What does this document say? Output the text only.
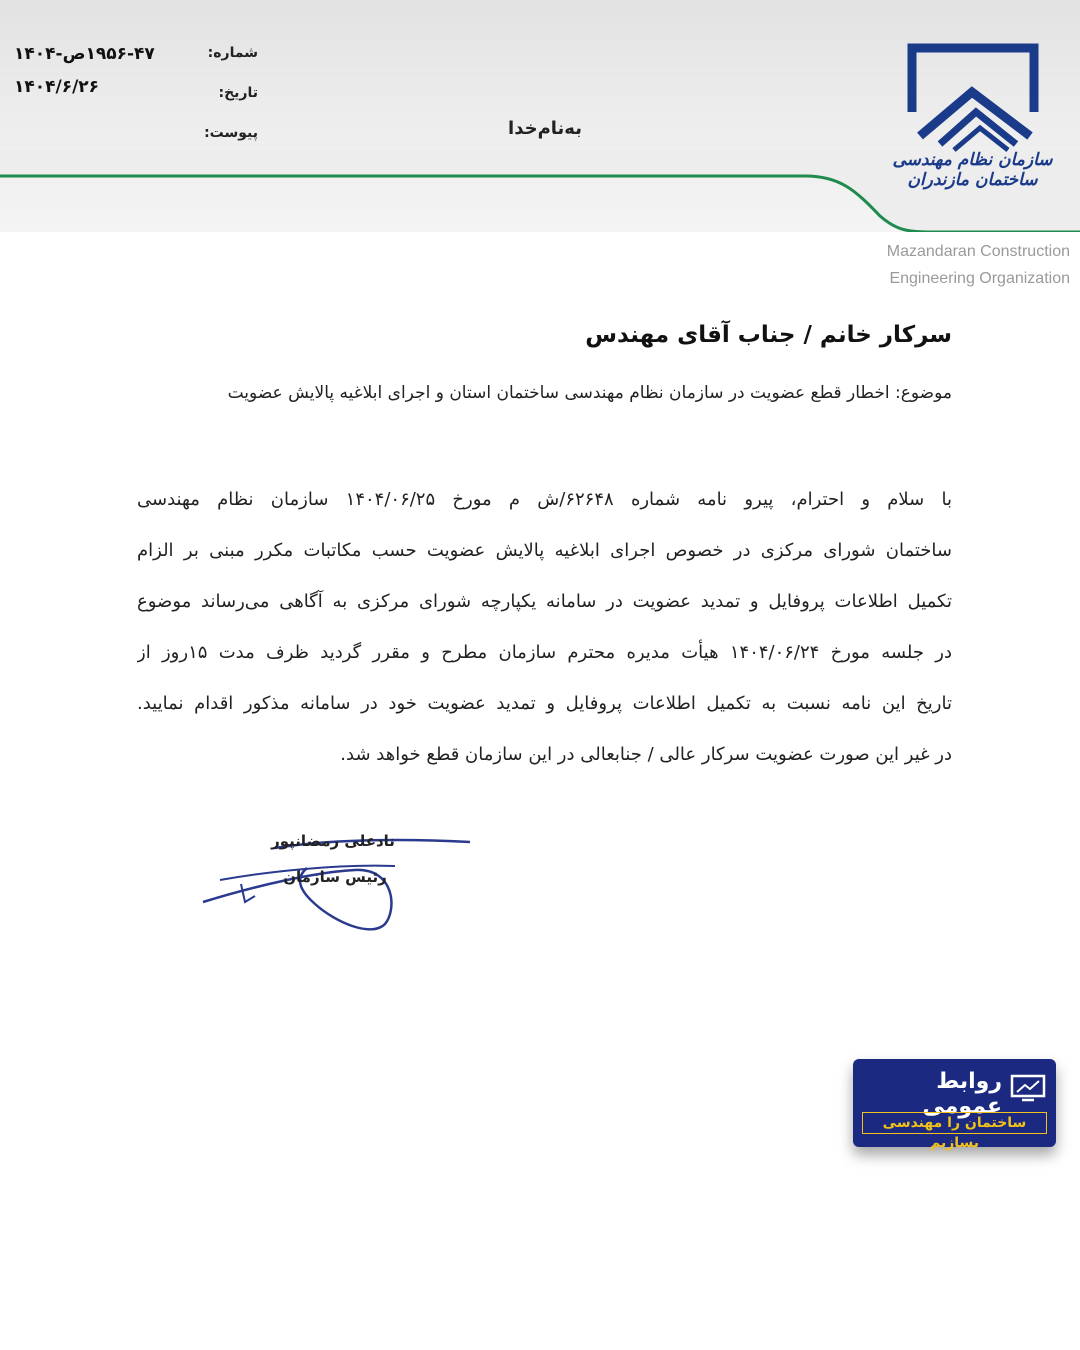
شماره:
۱۹۵۶-۴۷ص-۱۴۰۴
تاریخ:
۱۴۰۴/۶/۲۶
پیوست:	به‌نام‌خدا
سازمان نظام مهندسی ساختمان مازندران
Mazandaran Construction
Engineering Organization
سرکار خانم / جناب آقای مهندس
موضوع: اخطار قطع عضویت در سازمان نظام مهندسی ساختمان استان و اجرای ابلاغیه پالایش عضویت
با سلام و احترام، پیرو نامه شماره ۶۲۶۴۸/ش م مورخ ۱۴۰۴/۰۶/۲۵ سازمان نظام مهندسی
ساختمان شورای مرکزی در خصوص اجرای ابلاغیه پالایش عضویت حسب مکاتبات مکرر مبنی بر الزام
تکمیل اطلاعات پروفایل و تمدید عضویت در سامانه یکپارچه شورای مرکزی به آگاهی می‌رساند موضوع
در جلسه مورخ ۱۴۰۴/۰۶/۲۴ هیأت مدیره محترم سازمان مطرح و مقرر گردید ظرف مدت ۱۵روز از
تاریخ این نامه نسبت به تکمیل اطلاعات پروفایل و تمدید عضویت خود در سامانه مذکور اقدام نمایید.
در غیر این صورت عضویت سرکار عالی / جنابعالی در این سازمان قطع خواهد شد.
نادعلی رمضانپور
رئیس سازمان
روابط عمومی
ساختمان را مهندسی بسازیم
